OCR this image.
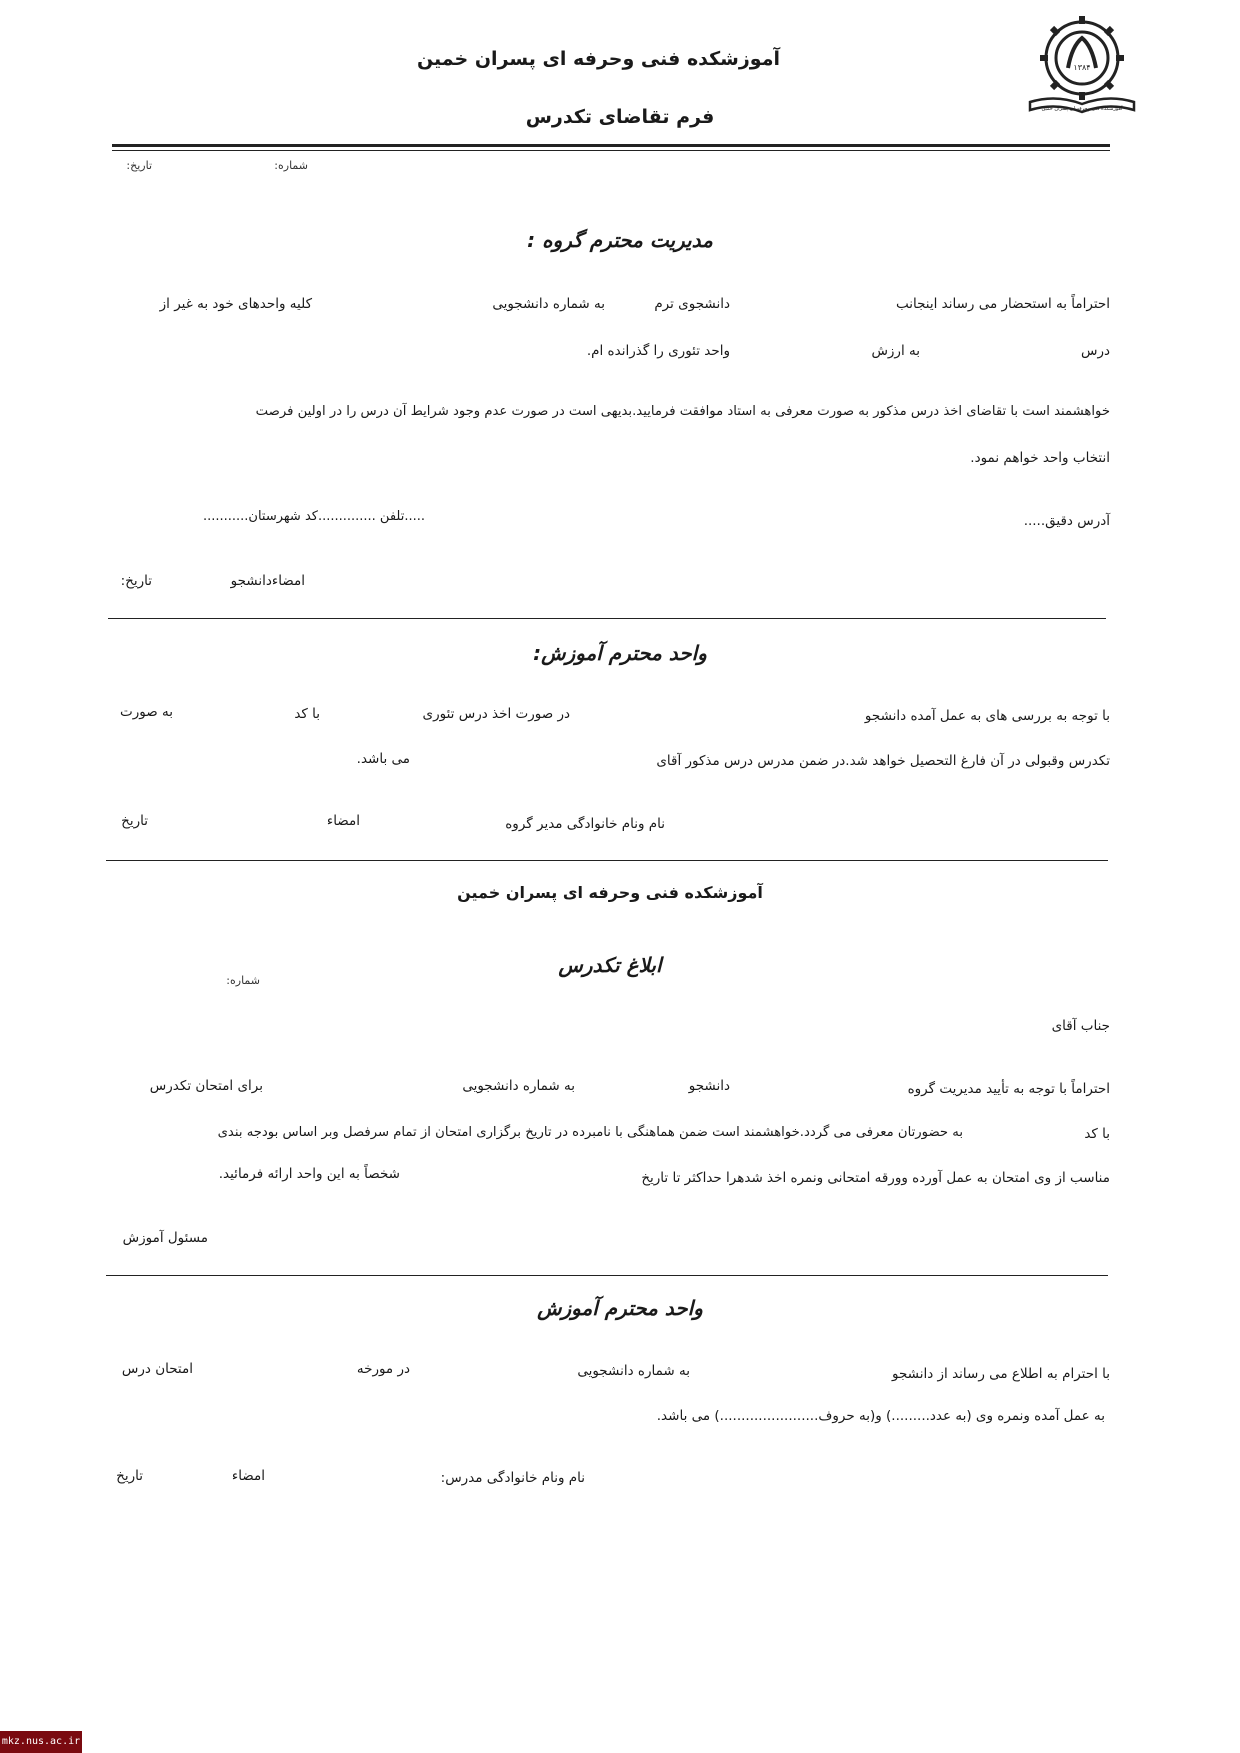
۱۳۸۴
آموزشکده فنی وحرفه ای پسران خمین
آموزشکده فنی وحرفه ای پسران خمین
فرم تقاضای تکدرس
شماره:
تاریخ:
مدیریت محترم گروه :
احتراماً به استحضار می رساند اینجانب
دانشجوی ترم
به شماره دانشجویی
کلیه واحدهای خود به غیر از
درس
به ارزش
واحد تئوری را گذرانده ام.
خواهشمند است با تقاضای اخذ درس مذکور به صورت معرفی به استاد موافقت فرمایید.بدیهی است در صورت عدم وجود شرایط آن درس را در اولین فرصت
انتخاب واحد خواهم نمود.
آدرس دقیق.....
.....تلفن ..............کد شهرستان...........
امضاءدانشجو
تاریخ:
واحد محترم آموزش:
با توجه به بررسی های به عمل آمده دانشجو
در صورت اخذ درس تئوری
با کد
به صورت
تکدرس وقبولی در آن فارغ التحصیل خواهد شد.در ضمن مدرس درس مذکور آقای
می باشد.
نام ونام خانوادگی مدیر گروه
امضاء
تاریخ
آموزشکده فنی وحرفه ای پسران خمین
ابلاغ تکدرس
شماره:
جناب آقای
احتراماً با توجه به تأیید مدیریت گروه
دانشجو
به شماره دانشجویی
برای امتحان تکدرس
با کد
به حضورتان معرفی می گردد.خواهشمند است ضمن هماهنگی با نامبرده در تاریخ برگزاری امتحان از تمام سرفصل وبر اساس بودجه بندی
مناسب از وی امتحان به عمل آورده وورقه امتحانی ونمره اخذ شدهرا حداکثر تا تاریخ
شخصاً به این واحد ارائه فرمائید.
مسئول آموزش
واحد محترم آموزش
با احترام به اطلاع می رساند از دانشجو
به شماره دانشجویی
در مورخه
امتحان درس
به عمل آمده ونمره وی (به عدد.........) و(به حروف.......................) می باشد.
نام ونام خانوادگی مدرس:
امضاء
تاریخ
mkz.nus.ac.ir
